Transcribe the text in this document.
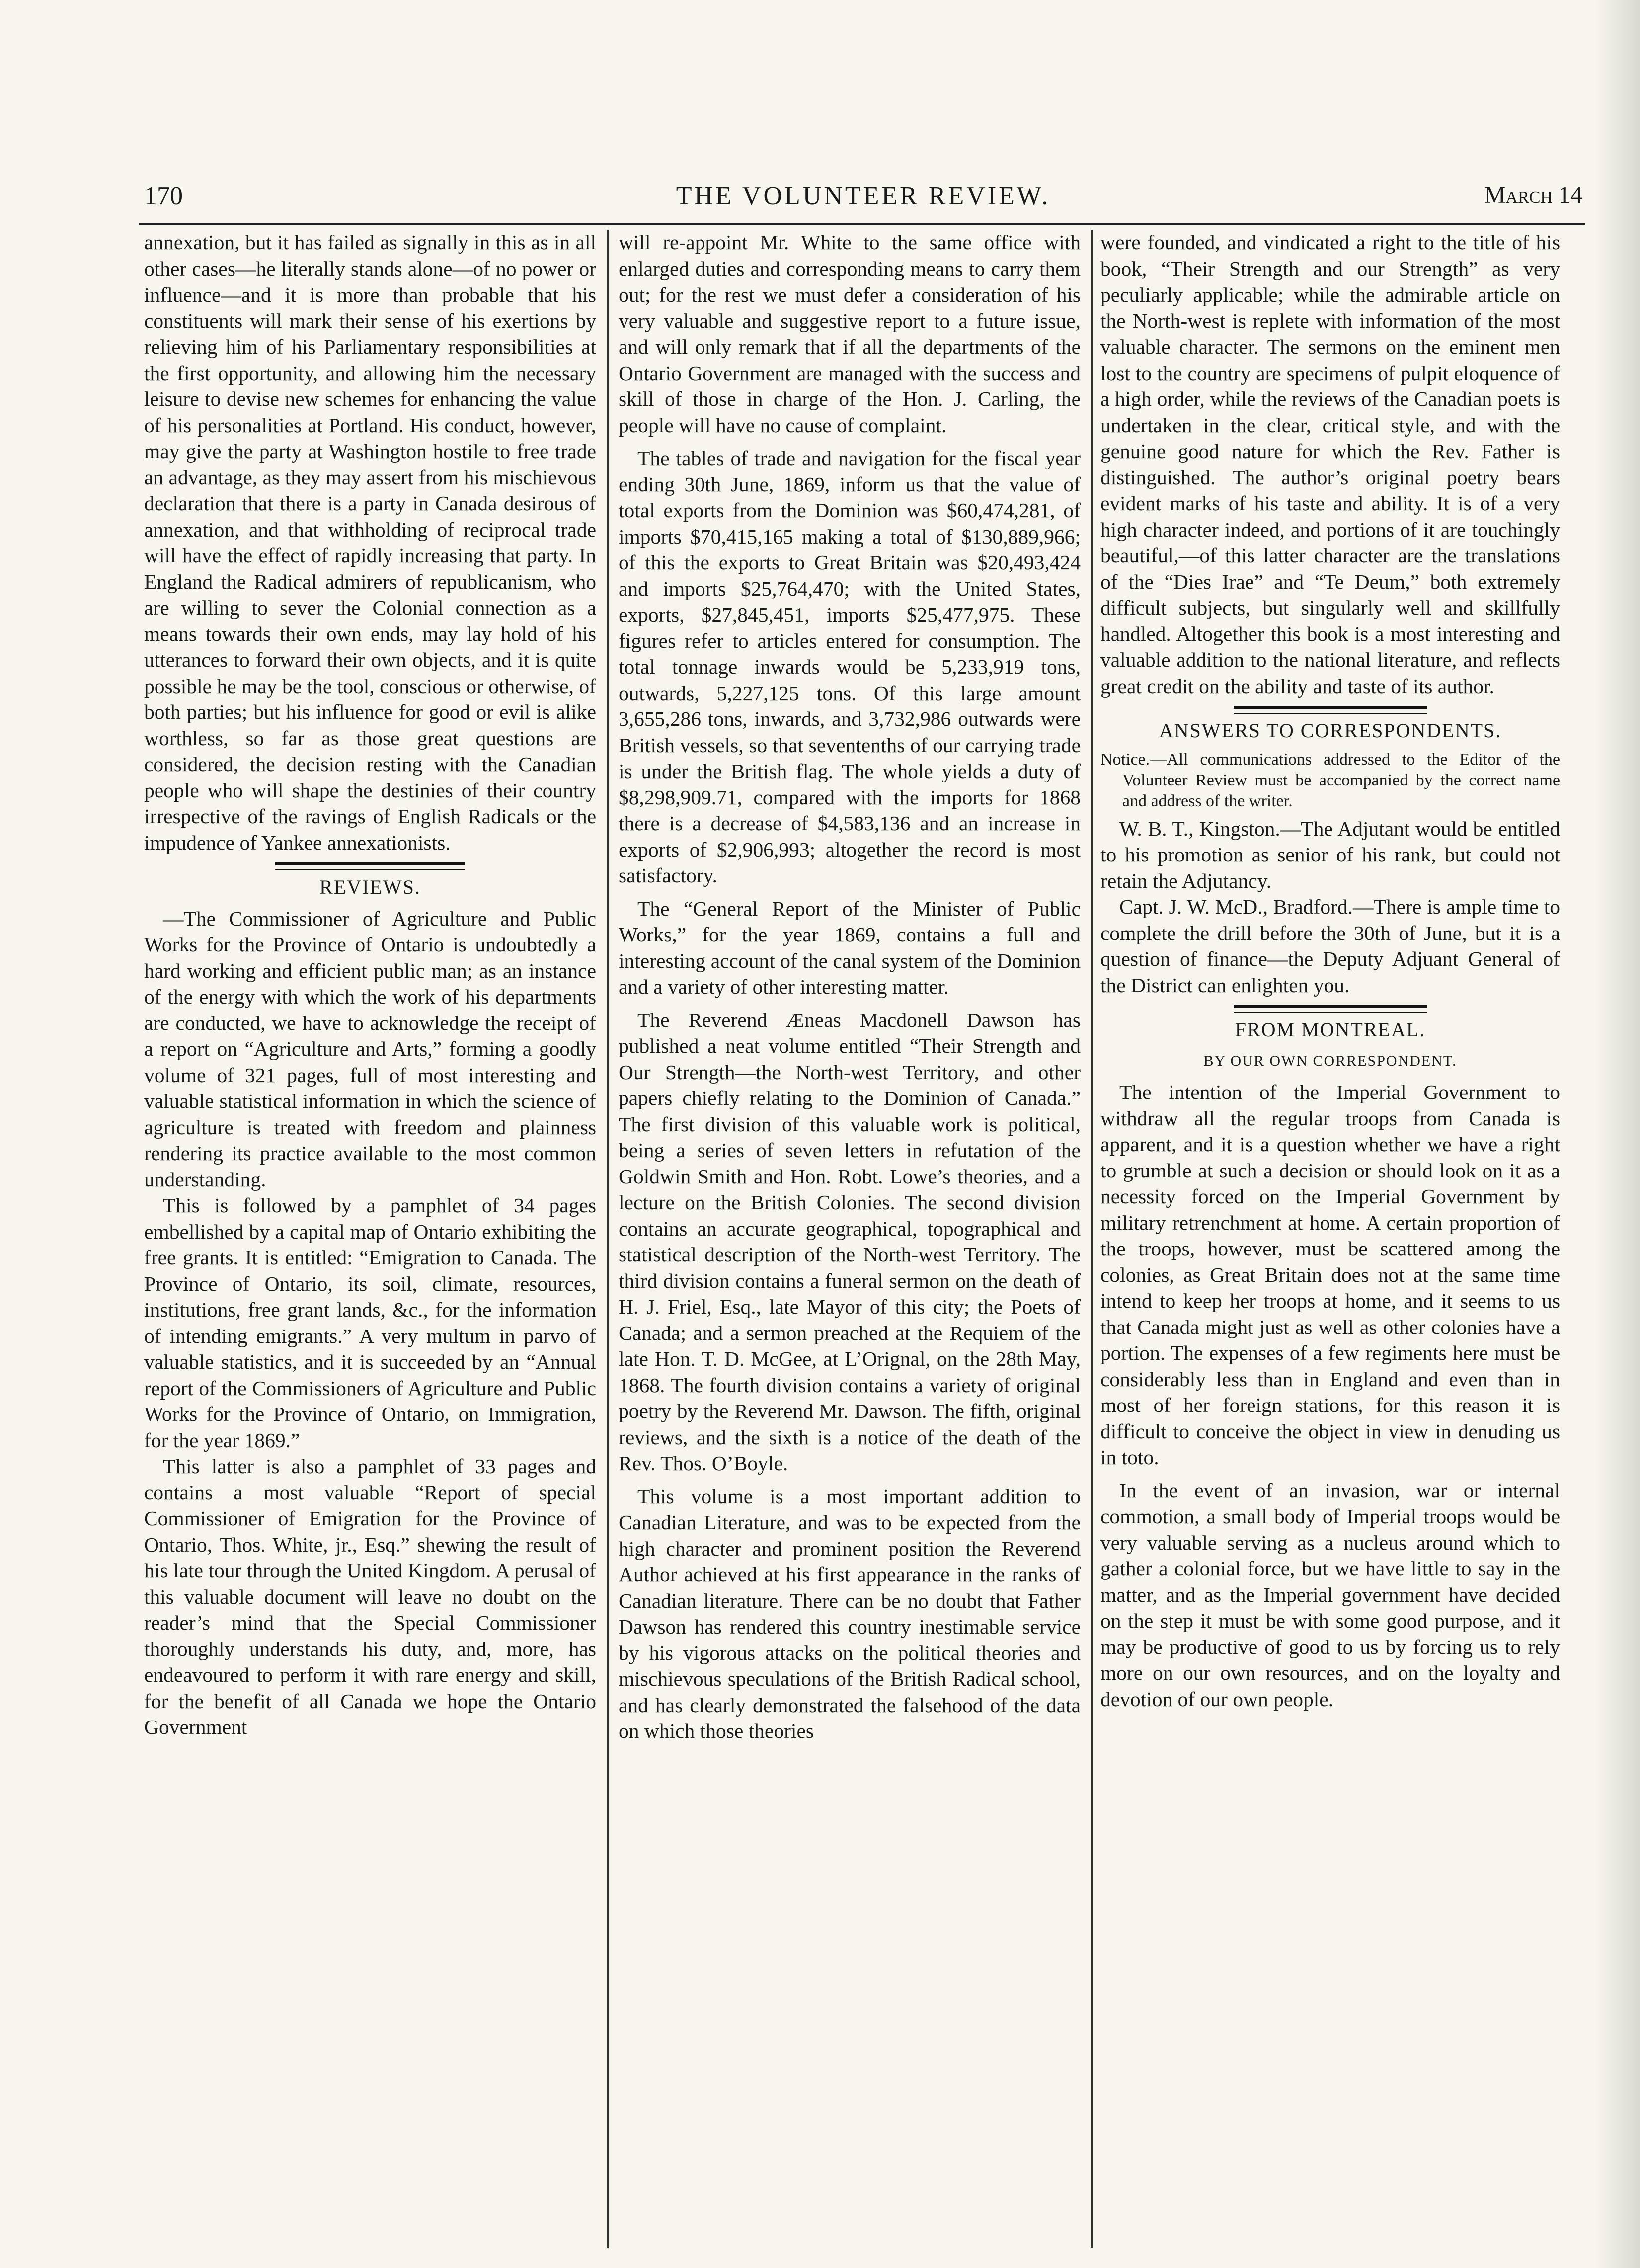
170	THE VOLUNTEER REVIEW.	March 14

annexation, but it has failed as signally in this as in all other cases—he literally stands alone—of no power or influence—and it is more than probable that his constituents will mark their sense of his exertions by relieving him of his Parliamentary responsibilities at the first opportunity, and allowing him the necessary leisure to devise new schemes for enhancing the value of his personalities at Portland. His conduct, however, may give the party at Washington hostile to free trade an advantage, as they may assert from his mischievous declaration that there is a party in Canada desirous of annexation, and that withholding of reciprocal trade will have the effect of rapidly increasing that party. In England the Radical admirers of republicanism, who are willing to sever the Colonial connection as a means towards their own ends, may lay hold of his utterances to forward their own objects, and it is quite possible he may be the tool, conscious or otherwise, of both parties; but his influence for good or evil is alike worthless, so far as those great questions are considered, the decision resting with the Canadian people who will shape the destinies of their country irrespective of the ravings of English Radicals or the impudence of Yankee annexationists.

REVIEWS.

—The Commissioner of Agriculture and Public Works for the Province of Ontario is undoubtedly a hard working and efficient public man; as an instance of the energy with which the work of his departments are conducted, we have to acknowledge the receipt of a report on “Agriculture and Arts,” forming a goodly volume of 321 pages, full of most interesting and valuable statistical information in which the science of agriculture is treated with freedom and plainness rendering its practice available to the most common understanding.

This is followed by a pamphlet of 34 pages embellished by a capital map of Ontario exhibiting the free grants. It is entitled: “Emigration to Canada. The Province of Ontario, its soil, climate, resources, institutions, free grant lands, &c., for the information of intending emigrants.” A very multum in parvo of valuable statistics, and it is succeeded by an “Annual report of the Commissioners of Agriculture and Public Works for the Province of Ontario, on Immigration, for the year 1869.”

This latter is also a pamphlet of 33 pages and contains a most valuable “Report of special Commissioner of Emigration for the Province of Ontario, Thos. White, jr., Esq.” shewing the result of his late tour through the United Kingdom. A perusal of this valuable document will leave no doubt on the reader’s mind that the Special Commissioner thoroughly understands his duty, and, more, has endeavoured to perform it with rare energy and skill, for the benefit of all Canada we hope the Ontario Government

will re-appoint Mr. White to the same office with enlarged duties and corresponding means to carry them out; for the rest we must defer a consideration of his very valuable and suggestive report to a future issue, and will only remark that if all the departments of the Ontario Government are managed with the success and skill of those in charge of the Hon. J. Carling, the people will have no cause of complaint.

The tables of trade and navigation for the fiscal year ending 30th June, 1869, inform us that the value of total exports from the Dominion was $60,474,281, of imports $70,415,165 making a total of $130,889,966; of this the exports to Great Britain was $20,493,424 and imports $25,764,470; with the United States, exports, $27,845,451, imports $25,477,975. These figures refer to articles entered for consumption. The total tonnage inwards would be 5,233,919 tons, outwards, 5,227,125 tons. Of this large amount 3,655,286 tons, inwards, and 3,732,986 outwards were British vessels, so that seventenths of our carrying trade is under the British flag. The whole yields a duty of $8,298,909.71, compared with the imports for 1868 there is a decrease of $4,583,136 and an increase in exports of $2,906,993; altogether the record is most satisfactory.

The “General Report of the Minister of Public Works,” for the year 1869, contains a full and interesting account of the canal system of the Dominion and a variety of other interesting matter.

The Reverend Æneas Macdonell Dawson has published a neat volume entitled “Their Strength and Our Strength—the North-west Territory, and other papers chiefly relating to the Dominion of Canada.” The first division of this valuable work is political, being a series of seven letters in refutation of the Goldwin Smith and Hon. Robt. Lowe’s theories, and a lecture on the British Colonies. The second division contains an accurate geographical, topographical and statistical description of the North-west Territory. The third division contains a funeral sermon on the death of H. J. Friel, Esq., late Mayor of this city; the Poets of Canada; and a sermon preached at the Requiem of the late Hon. T. D. McGee, at L’Orignal, on the 28th May, 1868. The fourth division contains a variety of original poetry by the Reverend Mr. Dawson. The fifth, original reviews, and the sixth is a notice of the death of the Rev. Thos. O’Boyle.

This volume is a most important addition to Canadian Literature, and was to be expected from the high character and prominent position the Reverend Author achieved at his first appearance in the ranks of Canadian literature. There can be no doubt that Father Dawson has rendered this country inestimable service by his vigorous attacks on the political theories and mischievous speculations of the British Radical school, and has clearly demonstrated the falsehood of the data on which those theories

were founded, and vindicated a right to the title of his book, “Their Strength and our Strength” as very peculiarly applicable; while the admirable article on the North-west is replete with information of the most valuable character. The sermons on the eminent men lost to the country are specimens of pulpit eloquence of a high order, while the reviews of the Canadian poets is undertaken in the clear, critical style, and with the genuine good nature for which the Rev. Father is distinguished. The author’s original poetry bears evident marks of his taste and ability. It is of a very high character indeed, and portions of it are touchingly beautiful,—of this latter character are the translations of the “Dies Irae” and “Te Deum,” both extremely difficult subjects, but singularly well and skillfully handled. Altogether this book is a most interesting and valuable addition to the national literature, and reflects great credit on the ability and taste of its author.

ANSWERS TO CORRESPONDENTS.

Notice.—All communications addressed to the Editor of the Volunteer Review must be accompanied by the correct name and address of the writer.

W. B. T., Kingston.—The Adjutant would be entitled to his promotion as senior of his rank, but could not retain the Adjutancy.

Capt. J. W. McD., Bradford.—There is ample time to complete the drill before the 30th of June, but it is a question of finance—the Deputy Adjuant General of the District can enlighten you.

FROM MONTREAL.
BY OUR OWN CORRESPONDENT.

The intention of the Imperial Government to withdraw all the regular troops from Canada is apparent, and it is a question whether we have a right to grumble at such a decision or should look on it as a necessity forced on the Imperial Government by military retrenchment at home. A certain proportion of the troops, however, must be scattered among the colonies, as Great Britain does not at the same time intend to keep her troops at home, and it seems to us that Canada might just as well as other colonies have a portion. The expenses of a few regiments here must be considerably less than in England and even than in most of her foreign stations, for this reason it is difficult to conceive the object in view in denuding us in toto.

In the event of an invasion, war or internal commotion, a small body of Imperial troops would be very valuable serving as a nucleus around which to gather a colonial force, but we have little to say in the matter, and as the Imperial government have decided on the step it must be with some good purpose, and it may be productive of good to us by forcing us to rely more on our own resources, and on the loyalty and devotion of our own people.
